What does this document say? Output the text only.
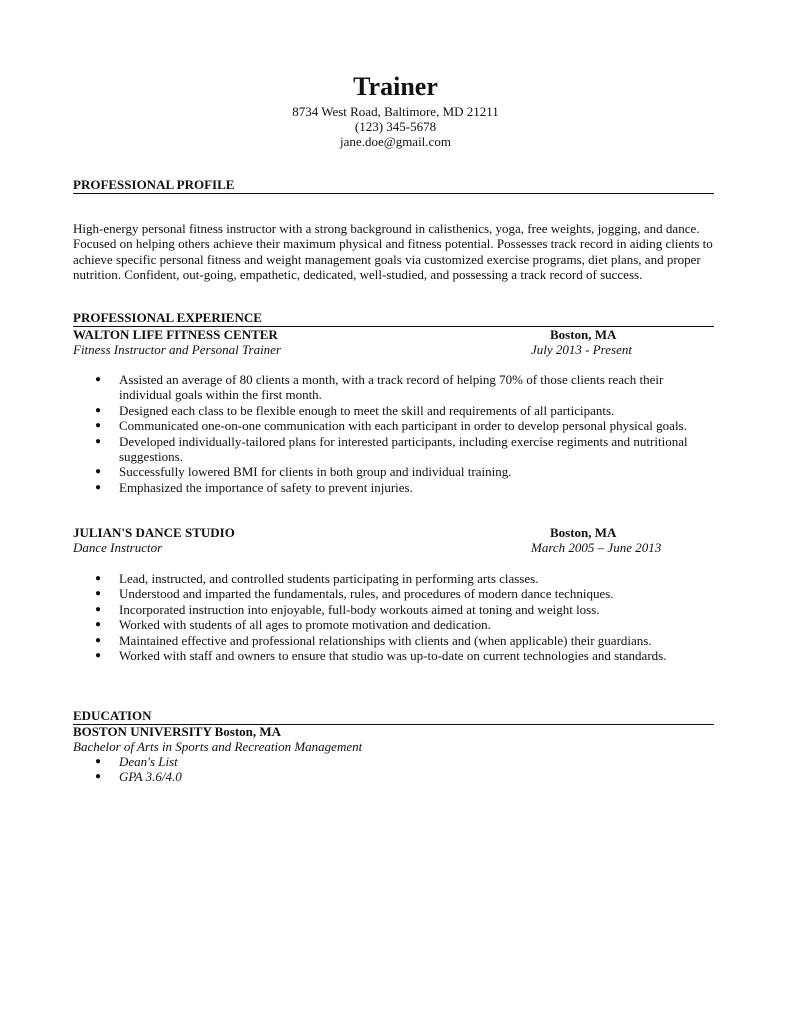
Trainer
8734 West Road, Baltimore, MD 21211
(123) 345-5678
jane.doe@gmail.com
PROFESSIONAL PROFILE
High-energy personal fitness instructor with a strong background in calisthenics, yoga, free weights, jogging, and dance. Focused on helping others achieve their maximum physical and fitness potential. Possesses track record in aiding clients to achieve specific personal fitness and weight management goals via customized exercise programs, diet plans, and proper nutrition. Confident, out-going, empathetic, dedicated, well-studied, and possessing a track record of success.
PROFESSIONAL EXPERIENCE
WALTON LIFE FITNESS CENTER	Boston, MA
Fitness Instructor and Personal Trainer	July 2013 - Present
● Assisted an average of 80 clients a month, with a track record of helping 70% of those clients reach their individual goals within the first month.
● Designed each class to be flexible enough to meet the skill and requirements of all participants.
● Communicated one-on-one communication with each participant in order to develop personal physical goals.
● Developed individually-tailored plans for interested participants, including exercise regiments and nutritional suggestions.
● Successfully lowered BMI for clients in both group and individual training.
● Emphasized the importance of safety to prevent injuries.
JULIAN'S DANCE STUDIO	Boston, MA
Dance Instructor	March 2005 – June 2013
● Lead, instructed, and controlled students participating in performing arts classes.
● Understood and imparted the fundamentals, rules, and procedures of modern dance techniques.
● Incorporated instruction into enjoyable, full-body workouts aimed at toning and weight loss.
● Worked with students of all ages to promote motivation and dedication.
● Maintained effective and professional relationships with clients and (when applicable) their guardians.
● Worked with staff and owners to ensure that studio was up-to-date on current technologies and standards.
EDUCATION
BOSTON UNIVERSITY Boston, MA
Bachelor of Arts in Sports and Recreation Management
● Dean's List
● GPA 3.6/4.0
